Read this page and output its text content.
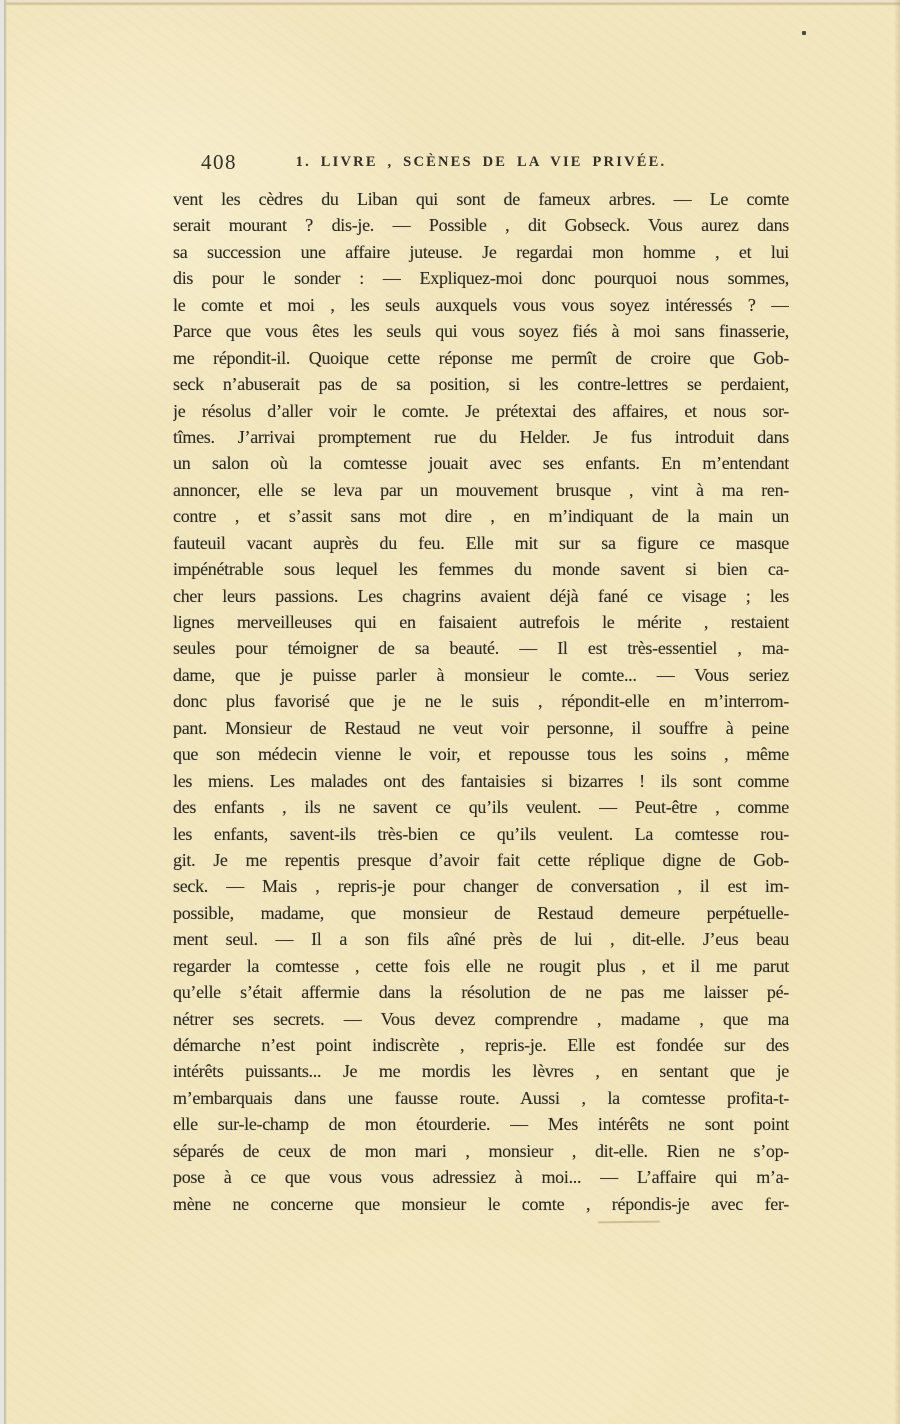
408	1. LIVRE , SCÈNES DE LA VIE PRIVÉE.
vent les cèdres du Liban qui sont de fameux arbres. — Le comte
serait mourant ? dis-je. — Possible , dit Gobseck. Vous aurez dans
sa succession une affaire juteuse. Je regardai mon homme , et lui
dis pour le sonder : — Expliquez-moi donc pourquoi nous sommes,
le comte et moi , les seuls auxquels vous vous soyez intéressés ? —
Parce que vous êtes les seuls qui vous soyez fiés à moi sans finasserie,
me répondit-il. Quoique cette réponse me permît de croire que Gob-
seck n’abuserait pas de sa position, si les contre-lettres se perdaient,
je résolus d’aller voir le comte. Je prétextai des affaires, et nous sor-
tîmes. J’arrivai promptement rue du Helder. Je fus introduit dans
un salon où la comtesse jouait avec ses enfants. En m’entendant
annoncer, elle se leva par un mouvement brusque , vint à ma ren-
contre , et s’assit sans mot dire , en m’indiquant de la main un
fauteuil vacant auprès du feu. Elle mit sur sa figure ce masque
impénétrable sous lequel les femmes du monde savent si bien ca-
cher leurs passions. Les chagrins avaient déjà fané ce visage ; les
lignes merveilleuses qui en faisaient autrefois le mérite , restaient
seules pour témoigner de sa beauté. — Il est très-essentiel , ma-
dame, que je puisse parler à monsieur le comte... — Vous seriez
donc plus favorisé que je ne le suis , répondit-elle en m’interrom-
pant. Monsieur de Restaud ne veut voir personne, il souffre à peine
que son médecin vienne le voir, et repousse tous les soins , même
les miens. Les malades ont des fantaisies si bizarres ! ils sont comme
des enfants , ils ne savent ce qu’ils veulent. — Peut-être , comme
les enfants, savent-ils très-bien ce qu’ils veulent. La comtesse rou-
git. Je me repentis presque d’avoir fait cette réplique digne de Gob-
seck. — Mais , repris-je pour changer de conversation , il est im-
possible, madame, que monsieur de Restaud demeure perpétuelle-
ment seul. — Il a son fils aîné près de lui , dit-elle. J’eus beau
regarder la comtesse , cette fois elle ne rougit plus , et il me parut
qu’elle s’était affermie dans la résolution de ne pas me laisser pé-
nétrer ses secrets. — Vous devez comprendre , madame , que ma
démarche n’est point indiscrète , repris-je. Elle est fondée sur des
intérêts puissants... Je me mordis les lèvres , en sentant que je
m’embarquais dans une fausse route. Aussi , la comtesse profita-t-
elle sur-le-champ de mon étourderie. — Mes intérêts ne sont point
séparés de ceux de mon mari , monsieur , dit-elle. Rien ne s’op-
pose à ce que vous vous adressiez à moi... — L’affaire qui m’a-
mène ne concerne que monsieur le comte , répondis-je avec fer-
